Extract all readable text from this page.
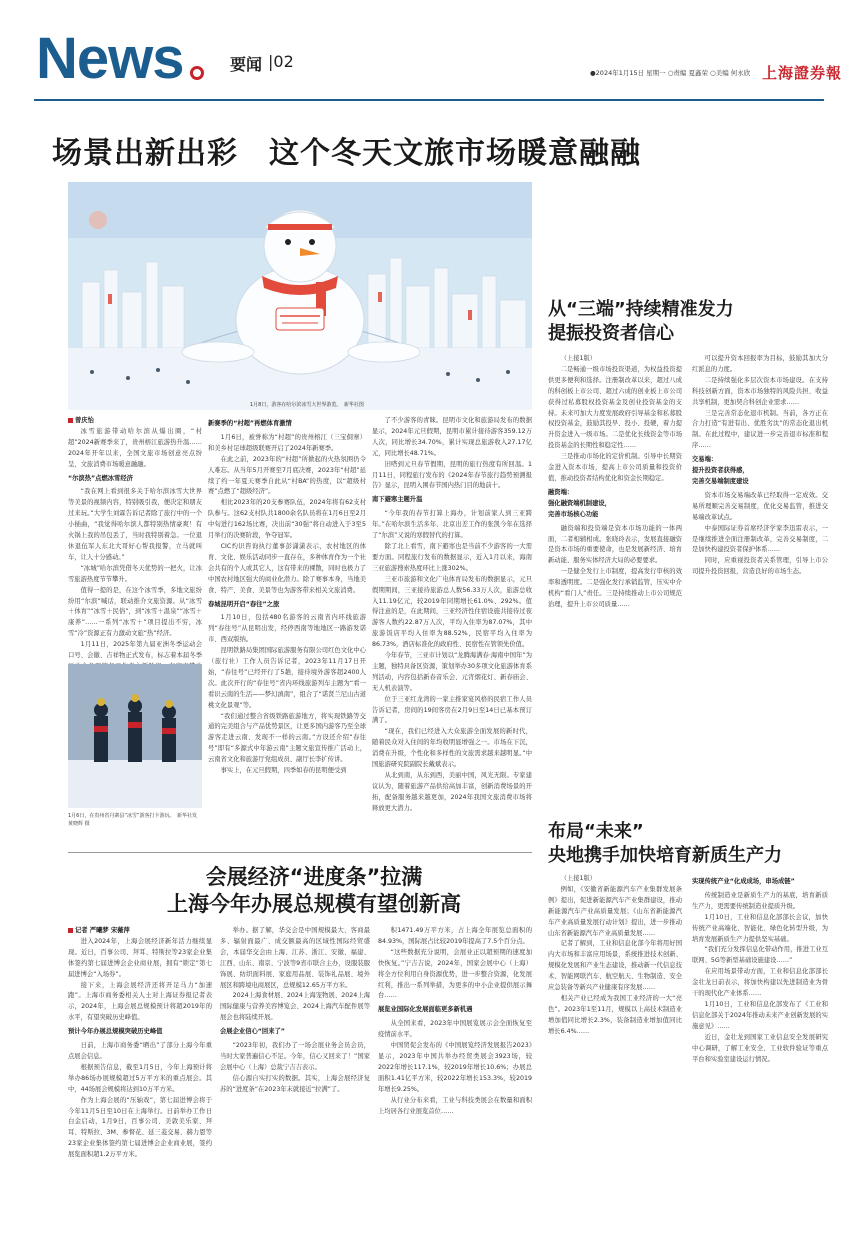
News	要闻 |02
●2024年1月15日 星期一 ○责编 夏鑫荣 ○美编 何永欣 上海證券報
场景出新出彩　这个冬天文旅市场暖意融融
1月8日，游客在哈尔滨冰雪大世界游览。　新华社图
曾庆怡

冰雪旅游带动哈尔滨从爆出圈，“村超”2024新赛季来了，贵州榕江旅游热升温……2024年开年以来，全国文旅市场创意亮点纷呈，文旅消费市场暖意融融。

“尔滨热”点燃冰雪经济

“我在网上看到很多关于哈尔滨冰雪大世界等美景的视频内容，特别吸引我，便决定和朋友过来玩。”大学生刘霖告诉记者除了旅行中的一个小插曲，“我觉得哈尔滨人都特别热情豪爽！有火锅上我的吊包丢了，当时我特别着急。一位退休退伍军人东北大哥好心帮我报警，立马就叫车，让人十分感动。”

“冰城”哈尔滨凭借冬天优势的一把火，让冰雪旅游热度节节攀升。

值得一提的是，在这个冰雪季，多地文旅纷纷用“尔滨”喊话，联动推介文旅资源。从“冰雪＋体育”“冰雪＋民俗”，到“冰雪＋温泉”“冰雪＋康养”……一系列“冰雪＋”项目提出不穷，冰雪“冷”资源正有力激动文旅“热”经济。

1月11日，2025年第九届亚洲冬季运动会口号、会徽、吉祥物正式发布，标志着本届冬季

1月6日，在贵州省丹寨县“冰雪”游客打卡游玩。　新华社发 黄晓辉 摄
新赛季的“村超”再燃体育激情

1月6日，被誉称为“村超”的贵州榕江（三宝侗寨）和美乡村足球超级联赛开启了2024年新赛季。

在此之前，2023年的“村超”所掀起的火热氛围仍令人难忘。从当年5月开赛至7月底决赛，2023年“村超”延续了约一年夏天赛季自此从“村BA”的热度，以“超级村赛”点燃了“超级经济”。

相比2023年的20支参赛队伍，2024年将有62支村队参与。这62支村队共1800余名队员将在1月6日至2月中旬进行162场比赛，决出前“30强”将自动进入于3至5月举行的决赛阶段，争夺冠军。

CIC灼识咨询执行董事彭潇潇表示，农村地区的体育、文化、娱乐活动同步一直存在，多种体育作为一个社会共有的个人或其它人，这有带来的裸散，同时也极力了中国农村地区强大的商业化潜力。除了赛事本身，当地美食、特产、美食、美景等也为游客带来相关文旅消费。

春城昆明开启“春往”之旅

1月10日，包括480名游客的云南省内环线旅游列“春往号”从昆明出发，经停西南等地地区一路游发诺市、西双版纳。

昆明铁路局集团国际旅游服务有限公司红色文化中心（旅行社）工作人员告诉记者，2023年11月17日开始，“春往号”已经开行了5趟，接待境外游客超2400人次。此次开行的“春往号”省内环线旅游列车主题为“看一看识云南的生活——梦幻滇南”，组合了“诺贤兰尼山古道桃文化景观”等。

“我们通过整合省级铁路旅游地方，将实现铁路等交通的完美组合与产品优势景区，让更多国内游客乃至全球游客走进云南、发现不一样的云南。”方设还介绍“春往号”即有“多源式中年游云南”主题文旅宣传推广活动上，云南省文化和旅游厅党组成员、副厅长李扩传讲。

事实上，在元旦假期，四季如春的昆明便受到

了不少游客的青睐。昆明市文化和旅游局发布的数据显示，2024年元旦假期，昆明市累计接待游客359.12万人次，同比增长34.70%，累计实现总旅游收入27.17亿元，同比增长48.71%。

旧嗒到元旦春节假期，昆明的旅行热度有所回温。1月11日，同程旅行发布的《2024年春节旅行趋势预测报告》显示，昆明入围春节国内热门目的地前十。

南下避寒主题升温

“今年我的春节打算上海办，计划前家人到三亚跨年。”在哈尔滨生活多年、北京出差工作的张凯今年在选择了“尔滨”又说的寒假替代的打算。

除了北上看雪，南下避寒也是当前不少游客的一大需要方面。同程旅行发布的数据显示，近入1月以来，海南三亚旅游搜索热度环比上涨302%。

三亚市旅游和文化广电体育局发布的数据显示，元旦假期期间，三亚接待旅游总人数56.33万人次，旅游总收入11.19亿元，较2019年同期增长61.0%、292%。值得注意的是，在此期间，三亚经济性住宿设施共接待过夜游客人数约22.87万人次，平均入住率为87.07%，其中旅游饭店平均入住率为88.52%，民宿平均入住率为86.73%，酒店标准化的政府性、民宿性在管领先价值。

今年春节，三亚市计划以“龙腾海满春·海南中国年”为主题，独特具备区资源，策划举办30多项文化旅游体育系列活动，内容包括新春音乐会、元宵烟花灯、新春庙会、无人机表演等。

位于三亚红龙湾的一家主推家宴风格的民宿工作人员告诉记者，房间的19间客房在2月9日至14日已基本预订满了。

“现在，我们已经进入大众旅游全面发展的新时代，随着民众对入住间的年均收明显增强之一。市场在下沉，消费在升级，个性化和多样性的文旅需求越来越明显。”中国旅游研究院副院长戴斌表示。

从北到南，从东到西，美丽中国，风光无限。专家建议认为，随着旅游产品供给高加丰富，创新消费场景的开拓，配备服务越来越更加，2024年我国文旅消费市场将释放更大潜力。

从“三端”持续精准发力
提振投资者信心

（上接1版）

二是畅通一级市场投资渠道，为权益投资提供更多便利和选择。注册制改革以来，超过八成的科创板上市公司、超过六成的创业板上市公司获得过私募股权投资基金及创业投资基金的支持。未来可加大力度发展政府引导基金和私募股权投资基金，鼓励其投早、投小、投硬，着力提升资金进入一级市场。二是优化长线资金等市场投资基金的长期性和稳定性……

三是推动市场化的定价机制。引导中长期资金进入资本市场，提高上市公司质量和投资价值，推动投资者结构优化和资金长期稳定。

融资端：
强化融资端机制建设，
完善市场核心功能

融资端和投资端是资本市场功能的一体两面，二者相辅相成。张晓玲表示，发展直接融资是资本市场的重要使命，也是发展新经济、培育新动能、服务实体经济大局的必要要求。

一是健全发行上市制度，提高发行审核的效率和透明度。二是强化发行承销监管，压实中介机构“看门人”责任。三是持续推动上市公司规范治理，提升上市公司质量……

可以提升资本回报率为目标，鼓励其加大分红派息的力度。

二是持续强化多层次资本市场建设。在支持科技创新方面，资本市场独特的风险共担、收益共享机制，更加契合科创企业需求……

三是完善常态化退市机制。当前，各方正在合力打造“有进有出、优胜劣汰”的常态化退出机制。在此过程中，建议进一步完善退市标准和程序……

交易端：
提升投资者获得感，
完善交易端制度建设

资本市场交易端改革已经取得一定成效。交易所理顺完善交易制度，优化交易监管，推进交易端改革试点。

中泰国际证券首席经济学家李迅雷表示，一是继续推进全面注册制改革，完善交易制度，二是加快构建投资者保护体系……

同时，应重视投资者关系管理，引导上市公司提升投资回报，营造良好的市场生态。

会展经济“进度条”拉满
上海今年办展总规模有望创新高
记者 严曦梦 宋薇萍

进入2024年，上海会展经济新年活力继续显现。近日，百事公司、拜耳、特斯拉等23家企业集体签约第七届进博会企业商业展，拥有“锁定”第七届进博会“入场券”。

接下来，上海会展经济还将开足马力“加速跑”。上海市商务委相关人士对上海证券报记者表示，2024年，上海会展总规模预计将超2019年的水平，有望突破历史峰值。

预计今年办展总规模突破历史峰值

日前，上海市商务委“晒出”了部分上海今年重点展会信息。

根据预告信息，截至1月5日，今年上海预计将举办86场办展规模超过5万平方米的重点展会。其中，44场展会规模将达到10万平方米。

作为上海会展的“压轴戏”，第七届进博会将于今年11月5日至10日在上海举行。日前举办工作日白金启动，1月9日，百事公司、美敦美乐家、拜耳、特斯拉、3M、参督花、延三菱交易、赫力恩等23家企业集体签约第七届进博会企业商业展，签约展览面积超1.2万平方米。

举办。据了解，华交会是中国规模最大、客商最多、辐射面最广、成交额最高的区域性国际经贸盛会，本届华交会由上海、江苏、浙江、安徽、福建、江西、山东、南京、宁波等9省市联合主办，设服装服饰展、纺织面料展、家庭用品展、装饰礼品展、境外展区和跨境电商展区，总规模12.65万平方米。

2024上海食材展、2024上海宠物展、2024上海国际健康与营养美容博览会、2024上海汽车配件展等展会也将陆续开展。

会展企业信心“回来了”

“2023年初，我们办了一场会展业务会员会员，当时大家普遍信心不足。今年，信心又回来了！”国家会展中心（上海）总裁宁吉吉表示。

信心源自实打实的数据。其实，上海会展经济复苏的“进度条”在2023年末就接近“拉满”了。

积1471.49万平方米，占上海全年展览总面积的84.93%，国际展占比较2019年提高了7.5个百分点。

“这些数据充分说明，会展业正以超预期的速度加快恢复。”宁吉吉说，2024年，国家会展中心（上海）将全方位利用自身资源优势，进一步整合资源，化发展红利，推出一系列举措，为更多的中小企业提供展示舞台……

展览业国际化发展面临更多新机遇

从全国来看，2023年中国展览展示会全面恢复至疫情前水平。

中国贸促会发布的《中国展览经济发展报告2023》显示，2023年中国共举办经贸类展会3923场，较2022年增长117.1%，较2019年增长10.6%；办展总面积1.41亿平方米，较2022年增长153.3%，较2019年增长9.25%。

从行业分布来看，工业与科技类展会在数量和面积上均居各行业展览首位……

布局“未来”
央地携手加快培育新质生产力

（上接1版）

例如，《安徽省新能源汽车产业集群发展条例》提出，促进新能源汽车产业集群建设，推动新能源汽车产业高质量发展；《山东省新能源汽车产业高质量发展行动计划》提出，进一步推动山东省新能源汽车产业高质量发展……

记者了解到，工业和信息化部今年将用好国内大市场和丰富应用场景，系统推进技术创新、规模化发展和产业生态建设，推动新一代信息技术、智能网联汽车、航空航天、生物制造、安全应急装备等新兴产业健康有序发展……

相关产业已经成为我国工业经济的一大“亮色”。2023年1至11月，规模以上高技术制造业增加值同比增长2.3%，装备制造业增加值同比增长6.4%……

实现传统产业“化成成场，串场成链”

传统制造业是新质生产力的基底，培育新质生产力，更需要传统制造业提质升级。

1月10日，工业和信息化部部长会议，加快传统产业高端化、智能化、绿色化转型升级，为培育发展新质生产力提供坚实基础。

“我们充分发挥信息化带动作用，推进工业互联网、5G等新型基础设施建设……”

在应用场景带动方面，工业和信息化部部长金壮龙日前表示，将加快构建以先进制造业为骨干的现代化产业体系……

1月10日，工业和信息化部发布了《工业和信息化部关于2024年推动未来产业创新发展的实施意见》……

近日，金壮龙到国家工业信息安全发展研究中心调研，了解工业安全、工业软件验证等重点平台和实验室建设运行情况。
